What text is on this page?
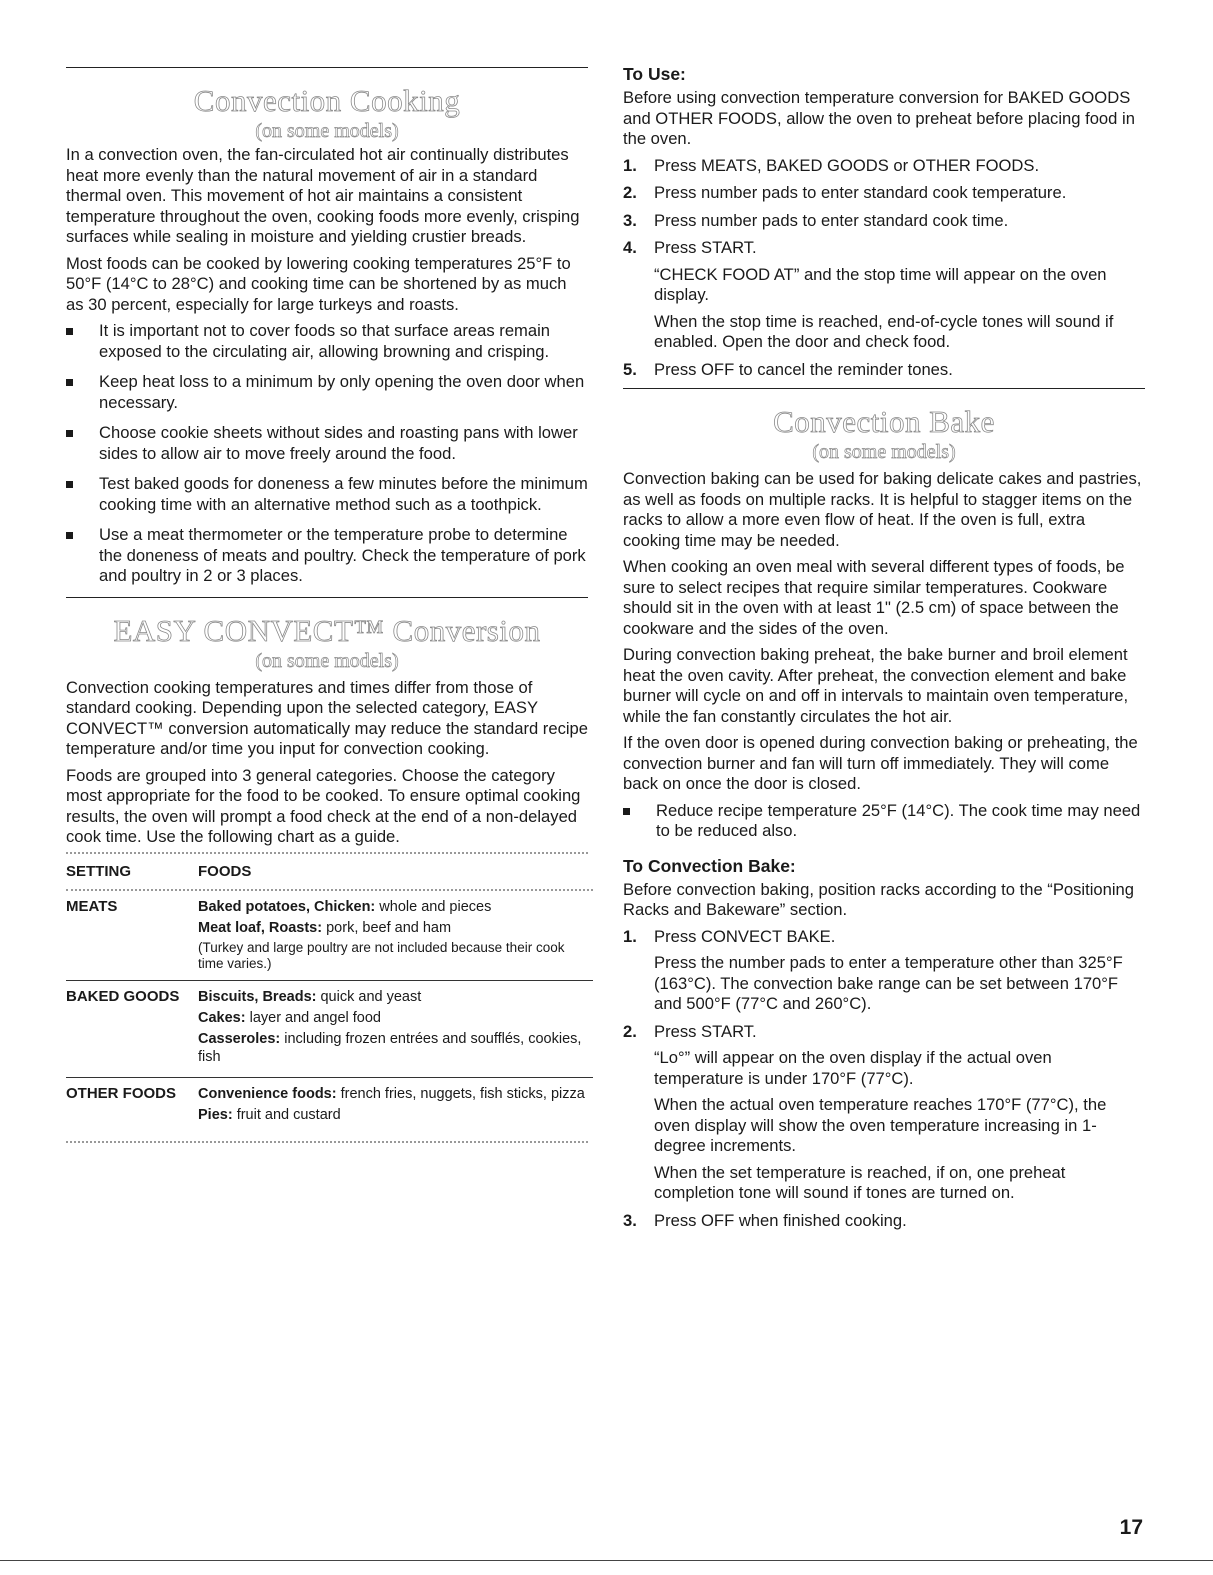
Convection Cooking
(on some models)

In a convection oven, the fan-circulated hot air continually distributes heat more evenly than the natural movement of air in a standard thermal oven. This movement of hot air maintains a consistent temperature throughout the oven, cooking foods more evenly, crisping surfaces while sealing in moisture and yielding crustier breads.

Most foods can be cooked by lowering cooking temperatures 25°F to 50°F (14°C to 28°C) and cooking time can be shortened by as much as 30 percent, especially for large turkeys and roasts.

It is important not to cover foods so that surface areas remain exposed to the circulating air, allowing browning and crisping.
Keep heat loss to a minimum by only opening the oven door when necessary.
Choose cookie sheets without sides and roasting pans with lower sides to allow air to move freely around the food.
Test baked goods for doneness a few minutes before the minimum cooking time with an alternative method such as a toothpick.
Use a meat thermometer or the temperature probe to determine the doneness of meats and poultry. Check the temperature of pork and poultry in 2 or 3 places.
EASY CONVECT™ Conversion
(on some models)

Convection cooking temperatures and times differ from those of standard cooking. Depending upon the selected category, EASY CONVECT™ conversion automatically may reduce the standard recipe temperature and/or time you input for convection cooking.

Foods are grouped into 3 general categories. Choose the category most appropriate for the food to be cooked. To ensure optimal cooking results, the oven will prompt a food check at the end of a non-delayed cook time. Use the following chart as a guide.

SETTING	FOODS

MEATS	Baked potatoes, Chicken: whole and pieces
Meat loaf, Roasts: pork, beef and ham
(Turkey and large poultry are not included because their cook time varies.)

BAKED GOODS	Biscuits, Breads: quick and yeast
Cakes: layer and angel food
Casseroles: including frozen entrées and soufflés, cookies, fish

OTHER FOODS	Convenience foods: french fries, nuggets, fish sticks, pizza
Pies: fruit and custard
To Use:

Before using convection temperature conversion for BAKED GOODS and OTHER FOODS, allow the oven to preheat before placing food in the oven.

1. Press MEATS, BAKED GOODS or OTHER FOODS.
2. Press number pads to enter standard cook temperature.
3. Press number pads to enter standard cook time.
4. Press START.
“CHECK FOOD AT” and the stop time will appear on the oven display.
When the stop time is reached, end-of-cycle tones will sound if enabled. Open the door and check food.
5. Press OFF to cancel the reminder tones.
Convection Bake
(on some models)

Convection baking can be used for baking delicate cakes and pastries, as well as foods on multiple racks. It is helpful to stagger items on the racks to allow a more even flow of heat. If the oven is full, extra cooking time may be needed.

When cooking an oven meal with several different types of foods, be sure to select recipes that require similar temperatures. Cookware should sit in the oven with at least 1" (2.5 cm) of space between the cookware and the sides of the oven.

During convection baking preheat, the bake burner and broil element heat the oven cavity. After preheat, the convection element and bake burner will cycle on and off in intervals to maintain oven temperature, while the fan constantly circulates the hot air.

If the oven door is opened during convection baking or preheating, the convection burner and fan will turn off immediately. They will come back on once the door is closed.

Reduce recipe temperature 25°F (14°C). The cook time may need to be reduced also.
To Convection Bake:

Before convection baking, position racks according to the “Positioning Racks and Bakeware” section.

1. Press CONVECT BAKE.
Press the number pads to enter a temperature other than 325°F (163°C). The convection bake range can be set between 170°F and 500°F (77°C and 260°C).
2. Press START.
“Lo°” will appear on the oven display if the actual oven temperature is under 170°F (77°C).
When the actual oven temperature reaches 170°F (77°C), the oven display will show the oven temperature increasing in 1-degree increments.
When the set temperature is reached, if on, one preheat completion tone will sound if tones are turned on.
3. Press OFF when finished cooking.
17
